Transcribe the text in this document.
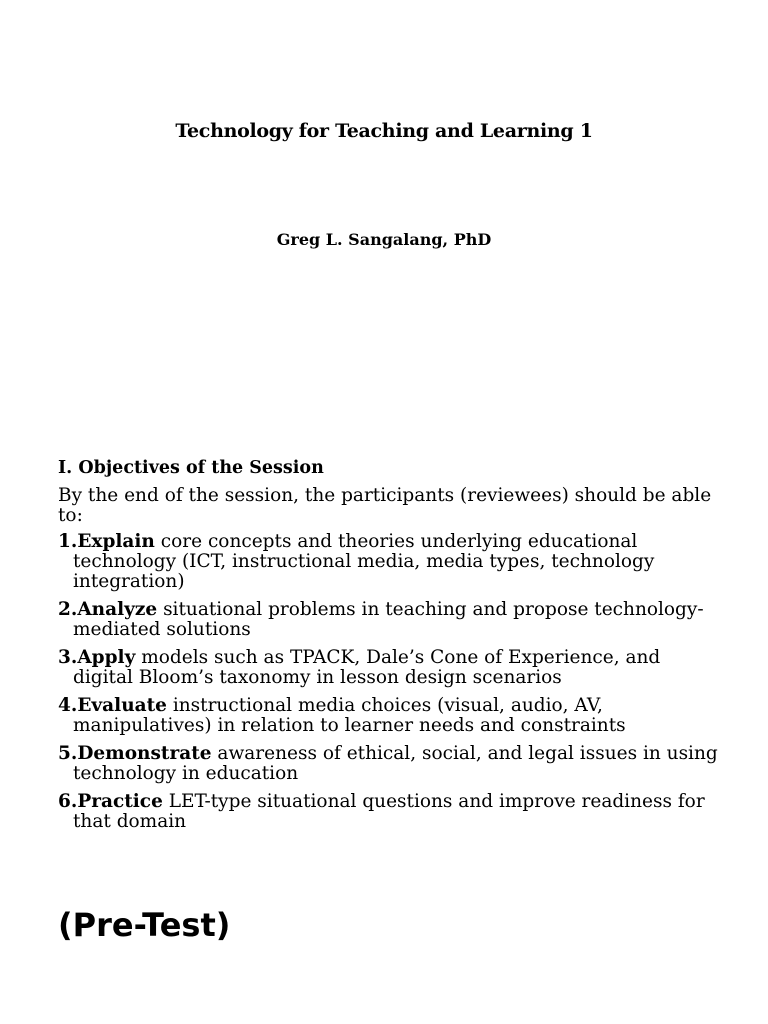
Technology for Teaching and Learning 1

Greg L. Sangalang, PhD

I. Objectives of the Session

By the end of the session, the participants (reviewees) should be able to:

1.Explain core concepts and theories underlying educational technology (ICT, instructional media, media types, technology integration)
2.Analyze situational problems in teaching and propose technology-mediated solutions
3.Apply models such as TPACK, Dale’s Cone of Experience, and digital Bloom’s taxonomy in lesson design scenarios
4.Evaluate instructional media choices (visual, audio, AV, manipulatives) in relation to learner needs and constraints
5.Demonstrate awareness of ethical, social, and legal issues in using technology in education
6.Practice LET-type situational questions and improve readiness for that domain
(Pre-Test)
